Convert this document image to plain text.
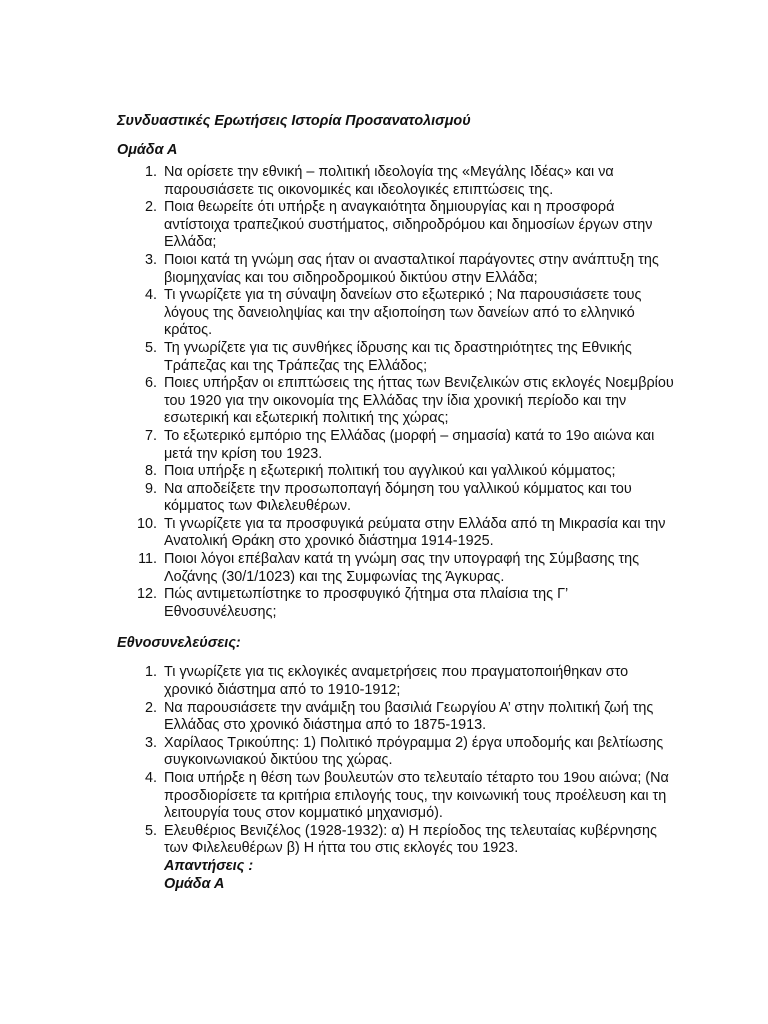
Συνδυαστικές Ερωτήσεις Ιστορία Προσανατολισμού
Ομάδα Α
1. Να ορίσετε την εθνική – πολιτική ιδεολογία της «Μεγάλης Ιδέας» και να παρουσιάσετε τις οικονομικές και ιδεολογικές επιπτώσεις της.
2. Ποια θεωρείτε ότι υπήρξε η αναγκαιότητα δημιουργίας και η προσφορά αντίστοιχα τραπεζικού συστήματος, σιδηροδρόμου και δημοσίων έργων στην Ελλάδα;
3. Ποιοι κατά τη γνώμη σας ήταν οι ανασταλτικοί παράγοντες στην ανάπτυξη της βιομηχανίας και του σιδηροδρομικού δικτύου στην Ελλάδα;
4. Τι γνωρίζετε για τη σύναψη δανείων στο εξωτερικό ; Να παρουσιάσετε τους λόγους της δανειοληψίας και την αξιοποίηση των δανείων από το ελληνικό κράτος.
5. Τη γνωρίζετε για τις συνθήκες ίδρυσης και τις δραστηριότητες της Εθνικής Τράπεζας και της Τράπεζας της Ελλάδος;
6. Ποιες υπήρξαν οι επιπτώσεις της ήττας των Βενιζελικών στις εκλογές Νοεμβρίου του 1920 για την οικονομία της Ελλάδας την ίδια χρονική περίοδο και την εσωτερική και εξωτερική πολιτική της χώρας;
7. Το εξωτερικό εμπόριο της Ελλάδας (μορφή – σημασία) κατά το 19ο αιώνα και μετά την κρίση του 1923.
8. Ποια υπήρξε η εξωτερική πολιτική του αγγλικού και γαλλικού κόμματος;
9. Να αποδείξετε την προσωποπαγή δόμηση του γαλλικού κόμματος και του κόμματος των Φιλελευθέρων.
10. Τι γνωρίζετε για τα προσφυγικά ρεύματα στην Ελλάδα από τη Μικρασία και την Ανατολική Θράκη στο χρονικό διάστημα 1914-1925.
11. Ποιοι λόγοι επέβαλαν κατά τη γνώμη σας την υπογραφή της Σύμβασης της Λοζάνης (30/1/1023) και της Συμφωνίας της Άγκυρας.
12. Πώς αντιμετωπίστηκε το προσφυγικό ζήτημα στα πλαίσια της Γ’ Εθνοσυνέλευσης;
Εθνοσυνελεύσεις:
1. Τι γνωρίζετε για τις εκλογικές αναμετρήσεις που πραγματοποιήθηκαν στο χρονικό διάστημα από το 1910-1912;
2. Να παρουσιάσετε την ανάμιξη του βασιλιά Γεωργίου Α’ στην πολιτική ζωή της Ελλάδας στο χρονικό διάστημα από το 1875-1913.
3. Χαρίλαος Τρικούπης: 1) Πολιτικό πρόγραμμα 2) έργα υποδομής και βελτίωσης συγκοινωνιακού δικτύου της χώρας.
4. Ποια υπήρξε η θέση των βουλευτών στο τελευταίο τέταρτο του 19ου αιώνα; (Να προσδιορίσετε τα κριτήρια επιλογής τους, την κοινωνική τους προέλευση και τη λειτουργία τους στον κομματικό μηχανισμό).
5. Ελευθέριος Βενιζέλος (1928-1932): α) Η περίοδος της τελευταίας κυβέρνησης των Φιλελευθέρων β) Η ήττα του στις εκλογές του 1923.
Απαντήσεις :
Ομάδα Α
